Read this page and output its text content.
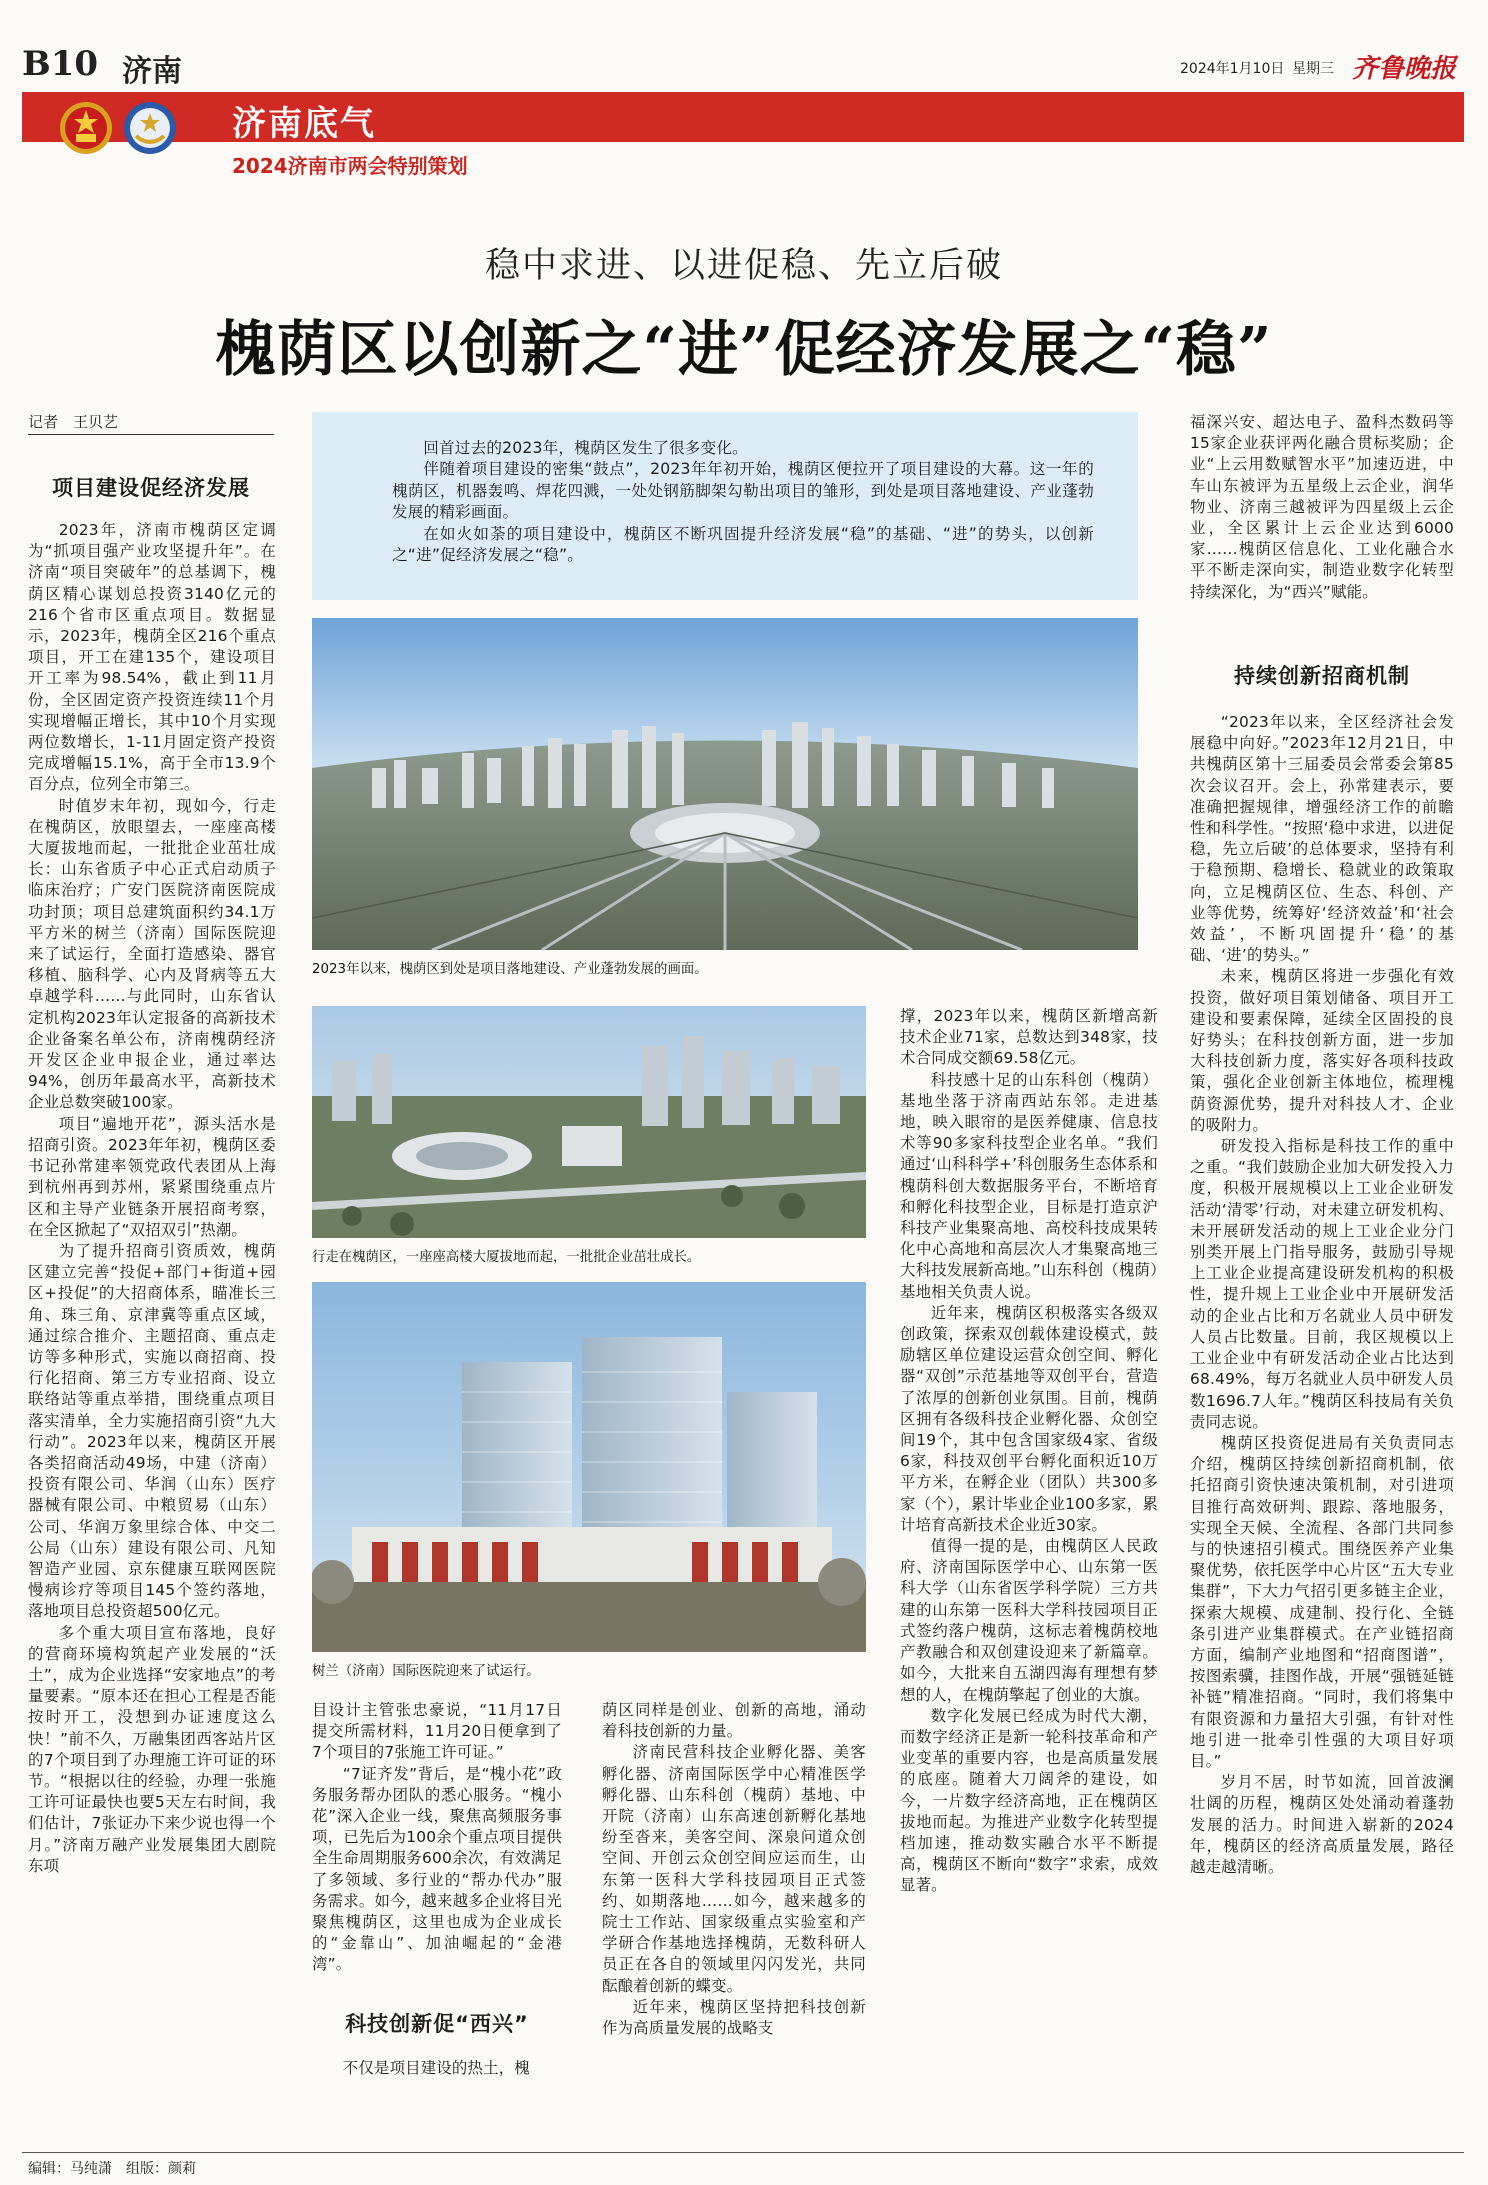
B10 济南	2024年1月10日 星期三 齐鲁晚报
济南底气
2024济南市两会特别策划
稳中求进、以进促稳、先立后破
槐荫区以创新之“进”促经济发展之“稳”
记者　王贝艺
项目建设促经济发展

2023年，济南市槐荫区定调为“抓项目强产业攻坚提升年”。在济南“项目突破年”的总基调下，槐荫区精心谋划总投资3140亿元的216个省市区重点项目。数据显示，2023年，槐荫全区216个重点项目，开工在建135个，建设项目开工率为98.54%，截止到11月份，全区固定资产投资连续11个月实现增幅正增长，其中10个月实现两位数增长，1-11月固定资产投资完成增幅15.1%，高于全市13.9个百分点，位列全市第三。

时值岁末年初，现如今，行走在槐荫区，放眼望去，一座座高楼大厦拔地而起，一批批企业茁壮成长：山东省质子中心正式启动质子临床治疗；广安门医院济南医院成功封顶；项目总建筑面积约34.1万平方米的树兰（济南）国际医院迎来了试运行，全面打造感染、器官移植、脑科学、心内及肾病等五大卓越学科……与此同时，山东省认定机构2023年认定报备的高新技术企业备案名单公布，济南槐荫经济开发区企业申报企业，通过率达94%，创历年最高水平，高新技术企业总数突破100家。

项目“遍地开花”，源头活水是招商引资。2023年年初，槐荫区委书记孙常建率领党政代表团从上海到杭州再到苏州，紧紧围绕重点片区和主导产业链条开展招商考察，在全区掀起了“双招双引”热潮。

为了提升招商引资质效，槐荫区建立完善“投促+部门+街道+园区+投促”的大招商体系，瞄准长三角、珠三角、京津冀等重点区域，通过综合推介、主题招商、重点走访等多种形式，实施以商招商、投行化招商、第三方专业招商、设立联络站等重点举措，围绕重点项目落实清单，全力实施招商引资“九大行动”。2023年以来，槐荫区开展各类招商活动49场，中建（济南）投资有限公司、华润（山东）医疗器械有限公司、中粮贸易（山东）公司、华润万象里综合体、中交二公局（山东）建设有限公司、凡知智造产业园、京东健康互联网医院慢病诊疗等项目145个签约落地，落地项目总投资超500亿元。

多个重大项目宣布落地，良好的营商环境构筑起产业发展的“沃土”，成为企业选择“安家地点”的考量要素。“原本还在担心工程是否能按时开工，没想到办证速度这么快！”前不久，万融集团西客站片区的7个项目到了办理施工许可证的环节。“根据以往的经验，办理一张施工许可证最快也要5天左右时间，我们估计，7张证办下来少说也得一个月。”济南万融产业发展集团大剧院东项

回首过去的2023年，槐荫区发生了很多变化。

伴随着项目建设的密集“鼓点”，2023年年初开始，槐荫区便拉开了项目建设的大幕。这一年的槐荫区，机器轰鸣、焊花四溅，一处处钢筋脚架勾勒出项目的雏形，到处是项目落地建设、产业蓬勃发展的精彩画面。

在如火如荼的项目建设中，槐荫区不断巩固提升经济发展“稳”的基础、“进”的势头，以创新之“进”促经济发展之“稳”。

2023年以来，槐荫区到处是项目落地建设、产业蓬勃发展的画面。
行走在槐荫区，一座座高楼大厦拔地而起，一批批企业茁壮成长。
树兰（济南）国际医院迎来了试运行。

目设计主管张忠豪说，“11月17日提交所需材料，11月20日便拿到了7个项目的7张施工许可证。”

“7证齐发”背后，是“槐小花”政务服务帮办团队的悉心服务。“槐小花”深入企业一线，聚焦高频服务事项，已先后为100余个重点项目提供全生命周期服务600余次，有效满足了多领域、多行业的“帮办代办”服务需求。如今，越来越多企业将目光聚焦槐荫区，这里也成为企业成长的“金靠山”、加油崛起的“金港湾”。

科技创新促“西兴”

不仅是项目建设的热土，槐

荫区同样是创业、创新的高地，涌动着科技创新的力量。

济南民营科技企业孵化器、美客孵化器、济南国际医学中心精准医学孵化器、山东科创（槐荫）基地、中开院（济南）山东高速创新孵化基地纷至沓来，美客空间、深泉问道众创空间、开创云众创空间应运而生，山东第一医科大学科技园项目正式签约、如期落地……如今，越来越多的院士工作站、国家级重点实验室和产学研合作基地选择槐荫，无数科研人员正在各自的领域里闪闪发光，共同酝酿着创新的蝶变。

近年来，槐荫区坚持把科技创新作为高质量发展的战略支

撑，2023年以来，槐荫区新增高新技术企业71家，总数达到348家，技术合同成交额69.58亿元。

科技感十足的山东科创（槐荫）基地坐落于济南西站东邻。走进基地，映入眼帘的是医养健康、信息技术等90多家科技型企业名单。“我们通过‘山科科学+’科创服务生态体系和槐荫科创大数据服务平台，不断培育和孵化科技型企业，目标是打造京沪科技产业集聚高地、高校科技成果转化中心高地和高层次人才集聚高地三大科技发展新高地。”山东科创（槐荫）基地相关负责人说。

近年来，槐荫区积极落实各级双创政策，探索双创载体建设模式，鼓励辖区单位建设运营众创空间、孵化器“双创”示范基地等双创平台，营造了浓厚的创新创业氛围。目前，槐荫区拥有各级科技企业孵化器、众创空间19个，其中包含国家级4家、省级6家，科技双创平台孵化面积近10万平方米，在孵企业（团队）共300多家（个），累计毕业企业100多家，累计培育高新技术企业近30家。

值得一提的是，由槐荫区人民政府、济南国际医学中心、山东第一医科大学（山东省医学科学院）三方共建的山东第一医科大学科技园项目正式签约落户槐荫，这标志着槐荫校地产教融合和双创建设迎来了新篇章。如今，大批来自五湖四海有理想有梦想的人，在槐荫擎起了创业的大旗。

数字化发展已经成为时代大潮，而数字经济正是新一轮科技革命和产业变革的重要内容，也是高质量发展的底座。随着大刀阔斧的建设，如今，一片数字经济高地，正在槐荫区拔地而起。为推进产业数字化转型提档加速，推动数实融合水平不断提高，槐荫区不断向“数字”求索，成效显著。

福深兴安、超达电子、盈科杰数码等15家企业获评两化融合贯标奖励；企业“上云用数赋智水平”加速迈进，中车山东被评为五星级上云企业，润华物业、济南三越被评为四星级上云企业，全区累计上云企业达到6000家……槐荫区信息化、工业化融合水平不断走深向实，制造业数字化转型持续深化，为“西兴”赋能。

持续创新招商机制

“2023年以来，全区经济社会发展稳中向好。”2023年12月21日，中共槐荫区第十三届委员会常委会第85次会议召开。会上，孙常建表示，要准确把握规律，增强经济工作的前瞻性和科学性。“按照‘稳中求进，以进促稳，先立后破’的总体要求，坚持有利于稳预期、稳增长、稳就业的政策取向，立足槐荫区位、生态、科创、产业等优势，统筹好‘经济效益’和‘社会效益’，不断巩固提升‘稳’的基础、‘进’的势头。”

未来，槐荫区将进一步强化有效投资，做好项目策划储备、项目开工建设和要素保障，延续全区固投的良好势头；在科技创新方面，进一步加大科技创新力度，落实好各项科技政策，强化企业创新主体地位，梳理槐荫资源优势，提升对科技人才、企业的吸附力。

研发投入指标是科技工作的重中之重。“我们鼓励企业加大研发投入力度，积极开展规模以上工业企业研发活动‘清零’行动，对未建立研发机构、未开展研发活动的规上工业企业分门别类开展上门指导服务，鼓励引导规上工业企业提高建设研发机构的积极性，提升规上工业企业中开展研发活动的企业占比和万名就业人员中研发人员占比数量。目前，我区规模以上工业企业中有研发活动企业占比达到68.49%，每万名就业人员中研发人员数1696.7人年。”槐荫区科技局有关负责同志说。

槐荫区投资促进局有关负责同志介绍，槐荫区持续创新招商机制，依托招商引资快速决策机制，对引进项目推行高效研判、跟踪、落地服务，实现全天候、全流程、各部门共同参与的快速招引模式。围绕医养产业集聚优势，依托医学中心片区“五大专业集群”，下大力气招引更多链主企业，探索大规模、成建制、投行化、全链条引进产业集群模式。在产业链招商方面，编制产业地图和“招商图谱”，按图索骥，挂图作战，开展“强链延链补链”精准招商。“同时，我们将集中有限资源和力量招大引强，有针对性地引进一批牵引性强的大项目好项目。”

岁月不居，时节如流，回首波澜壮阔的历程，槐荫区处处涌动着蓬勃发展的活力。时间进入崭新的2024年，槐荫区的经济高质量发展，路径越走越清晰。

编辑：马纯潇　组版：颜莉
